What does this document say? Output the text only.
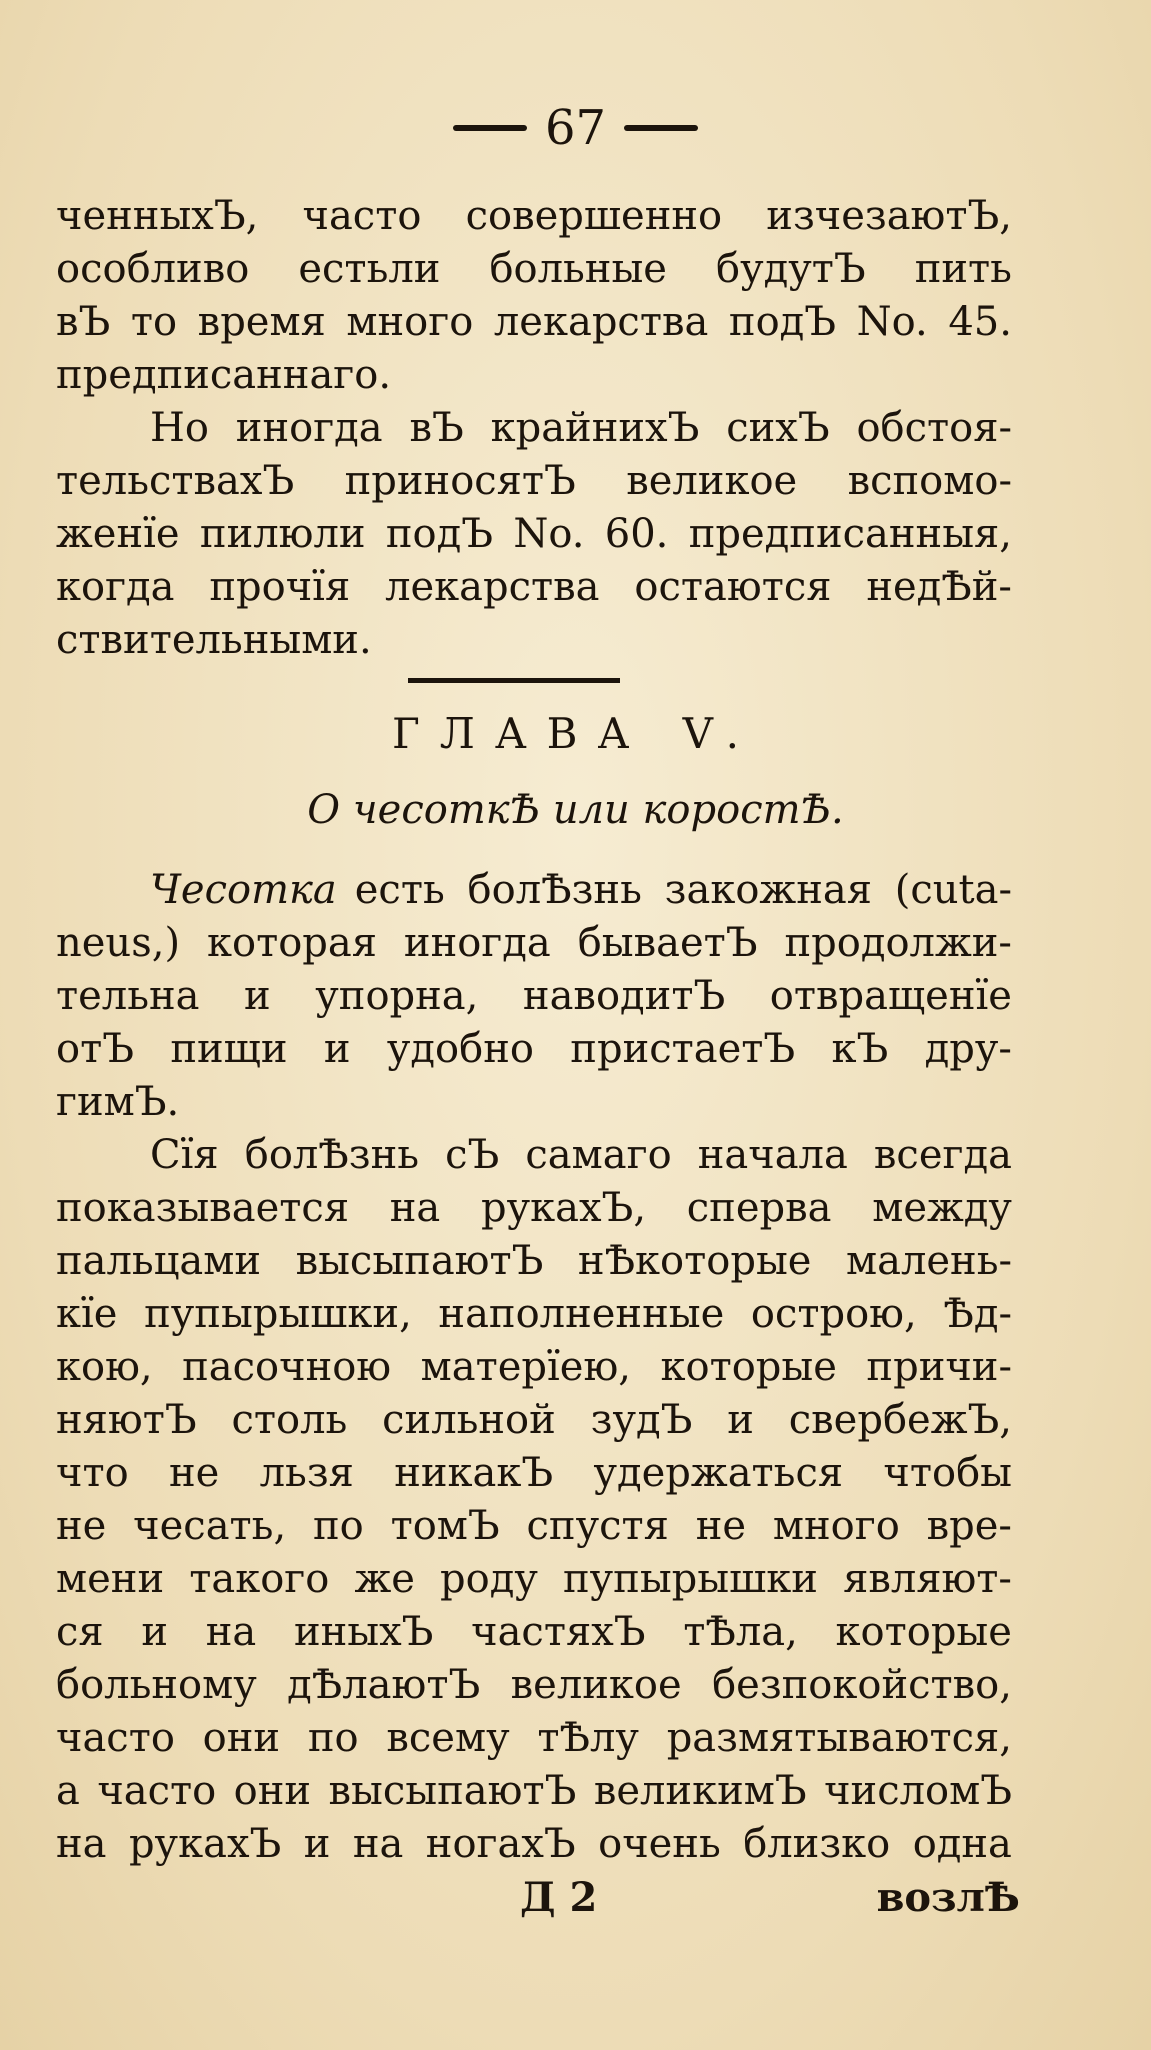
67
ченныхЪ, часто совершенно изчезаютЪ,
особливо естьли больные будутЪ пить
вЪ то время много лекарства подЪ No. 45.
предписаннаго.
Но иногда вЪ крайнихЪ сихЪ обстоя-
тельствахЪ приносятЪ великое вспомо-
женїе пилюли подЪ No. 60. предписанныя,
когда прочїя лекарства остаются недѢй-
ствительными.
ГЛАВА V.
О чесоткѢ или коростѢ.
Чесотка есть болѢзнь закожная (cuta-
neus,) которая иногда бываетЪ продолжи-
тельна и упорна, наводитЪ отвращенїе
отЪ пищи и удобно пристаетЪ кЪ дру-
гимЪ.
Сїя болѢзнь сЪ самаго начала всегда
показывается на рукахЪ, сперва между
пальцами высыпаютЪ нѢкоторые малень-
кїе пупырышки, наполненные острою, Ѣд-
кою, пасочною матерїею, которые причи-
няютЪ столь сильной зудЪ и свербежЪ,
что не льзя никакЪ удержаться чтобы
не чесать, по томЪ спустя не много вре-
мени такого же роду пупырышки являют-
ся и на иныхЪ частяхЪ тѢла, которые
больному дѢлаютЪ великое безпокойство,
часто они по всему тѢлу размятываются,
а часто они высыпаютЪ великимЪ числомЪ
на рукахЪ и на ногахЪ очень близко одна
Д 2	возлѢ
